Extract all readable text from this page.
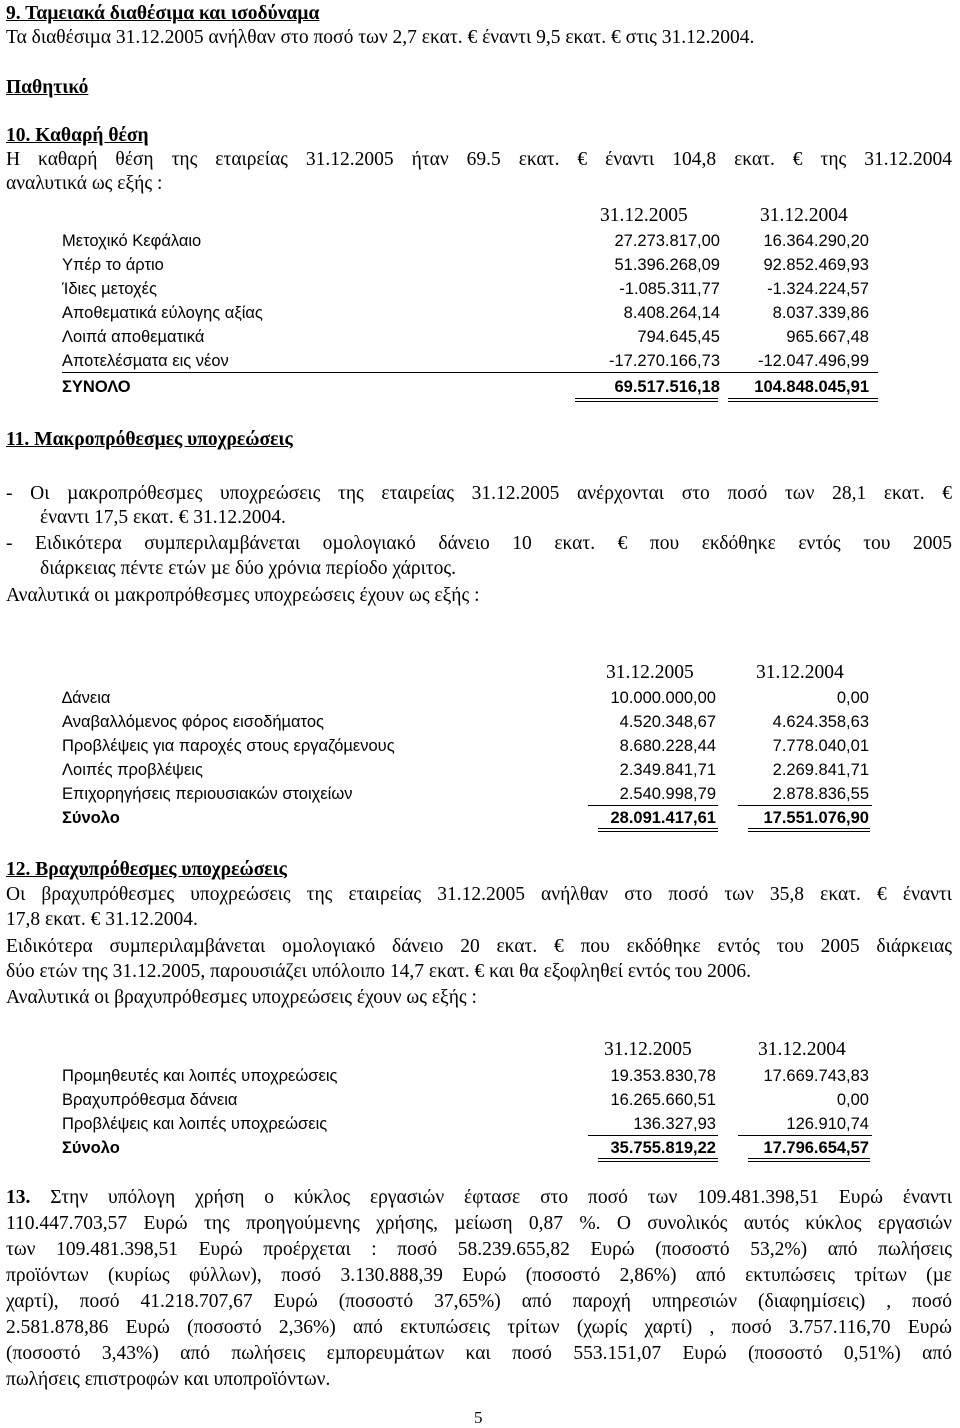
9. Ταµειακά διαθέσιµα και ισοδύναµα
Τα διαθέσιµα 31.12.2005 ανήλθαν στο ποσό των 2,7 εκατ. € έναντι 9,5 εκατ. € στις 31.12.2004.
Παθητικό
10. Καθαρή θέση
Η καθαρή θέση της εταιρείας 31.12.2005 ήταν 69.5 εκατ. € έναντι 104,8 εκατ. € της 31.12.2004
αναλυτικά ως εξής :
31.12.2005	31.12.2004
Μετοχικό Κεφάλαιο	27.273.817,00	16.364.290,20
Υπέρ το άρτιο	51.396.268,09	92.852.469,93
Ίδιες µετοχές	-1.085.311,77	-1.324.224,57
Αποθεµατικά εύλογης αξίας	8.408.264,14	8.037.339,86
Λοιπά αποθεµατικά	794.645,45	965.667,48
Αποτελέσµατα εις νέον	-17.270.166,73 -12.047.496,99
ΣΥΝΟΛΟ	69.517.516,18 104.848.045,91
11. Μακροπρόθεσµες υποχρεώσεις
- Οι µακροπρόθεσµες υποχρεώσεις της εταιρείας 31.12.2005 ανέρχονται στο ποσό των 28,1 εκατ. €
έναντι 17,5 εκατ. € 31.12.2004.
- Ειδικότερα συµπεριλαµβάνεται οµολογιακό δάνειο 10 εκατ. € που εκδόθηκε εντός του 2005
διάρκειας πέντε ετών µε δύο χρόνια περίοδο χάριτος.
Αναλυτικά οι µακροπρόθεσµες υποχρεώσεις έχουν ως εξής :
31.12.2005	31.12.2004
∆άνεια	10.000.000,00	0,00
Αναβαλλόµενος φόρος εισοδήµατος	4.520.348,67	4.624.358,63
Προβλέψεις για παροχές στους εργαζόµενους	8.680.228,44	7.778.040,01
Λοιπές προβλέψεις	2.349.841,71	2.269.841,71
Επιχορηγήσεις περιουσιακών στοιχείων	2.540.998,79	2.878.836,55
Σύνολο	28.091.417,61	17.551.076,90
12. Βραχυπρόθεσµες υποχρεώσεις
Οι βραχυπρόθεσµες υποχρεώσεις της εταιρείας 31.12.2005 ανήλθαν στο ποσό των 35,8 εκατ. € έναντι
17,8 εκατ. € 31.12.2004.
Ειδικότερα συµπεριλαµβάνεται οµολογιακό δάνειο 20 εκατ. € που εκδόθηκε εντός του 2005 διάρκειας
δύο ετών της 31.12.2005, παρουσιάζει υπόλοιπο 14,7 εκατ. € και θα εξοφληθεί εντός του 2006.
Αναλυτικά οι βραχυπρόθεσµες υποχρεώσεις έχουν ως εξής :
31.12.2005	31.12.2004
Προµηθευτές και λοιπές υποχρεώσεις	19.353.830,78	17.669.743,83
Βραχυπρόθεσµα δάνεια	16.265.660,51	0,00
Προβλέψεις και λοιπές υποχρεώσεις	136.327,93	126.910,74
Σύνολο	35.755.819,22	17.796.654,57
13. Στην υπόλογη χρήση ο κύκλος εργασιών έφτασε στο ποσό των 109.481.398,51 Ευρώ έναντι
110.447.703,57 Ευρώ της προηγούµενης χρήσης, µείωση 0,87 %. Ο συνολικός αυτός κύκλος εργασιών
των 109.481.398,51 Ευρώ προέρχεται : ποσό 58.239.655,82 Ευρώ (ποσοστό 53,2%) από πωλήσεις
προϊόντων (κυρίως φύλλων), ποσό 3.130.888,39 Ευρώ (ποσοστό 2,86%) από εκτυπώσεις τρίτων (µε
χαρτί), ποσό 41.218.707,67 Ευρώ (ποσοστό 37,65%) από παροχή υπηρεσιών (διαφηµίσεις) , ποσό
2.581.878,86 Ευρώ (ποσοστό 2,36%) από εκτυπώσεις τρίτων (χωρίς χαρτί) , ποσό 3.757.116,70 Ευρώ
(ποσοστό 3,43%) από πωλήσεις εµπορευµάτων και ποσό 553.151,07 Ευρώ (ποσοστό 0,51%) από
πωλήσεις επιστροφών και υποπροϊόντων.
5
